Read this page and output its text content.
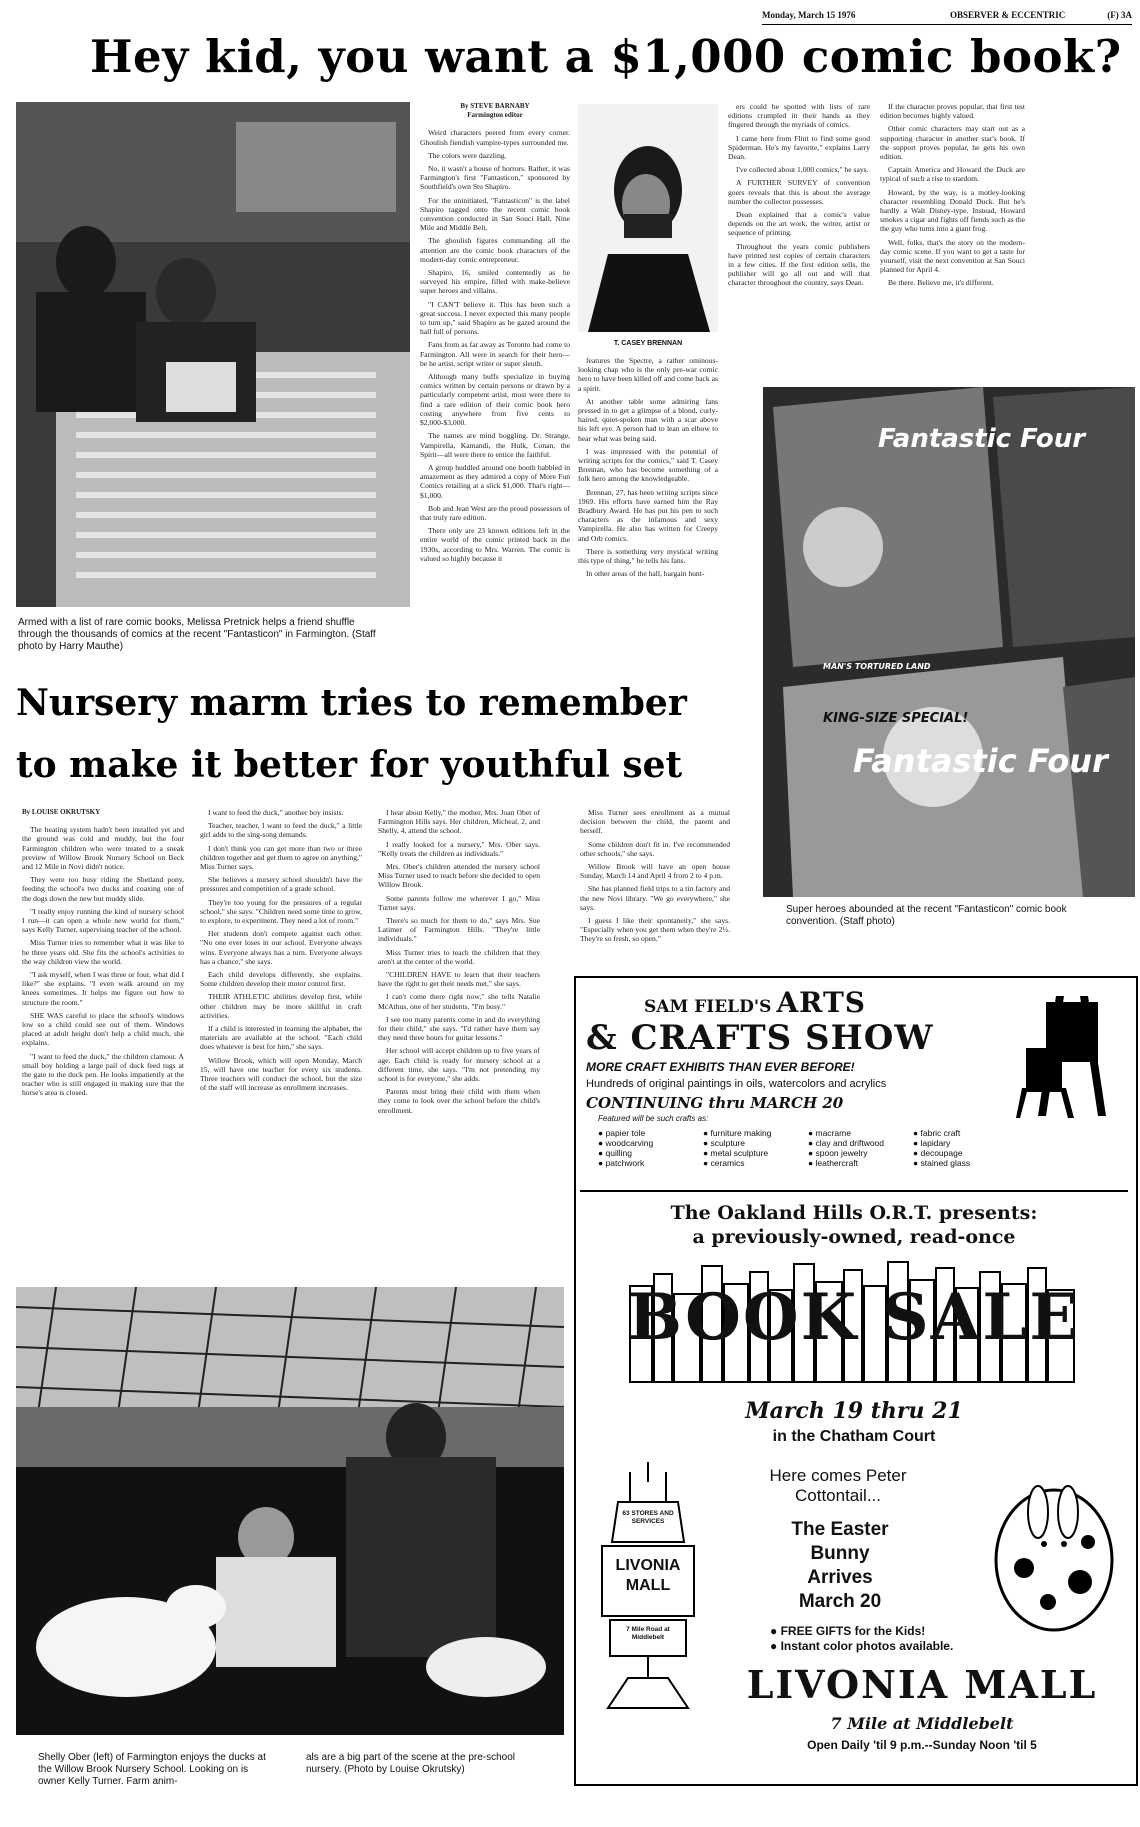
Monday, March 15 1976	OBSERVER & ECCENTRIC	(F) 3A
Hey kid, you want a $1,000 comic book?
Armed with a list of rare comic books, Melissa Pretnick helps a friend shuffle through the thousands of comics at the recent "Fantasticon" in Farmington. (Staff photo by Harry Mauthe)
By STEVE BARNABY
Farmington editor

Weird characters peered from every corner. Ghoulish fiendish vampire-types surrounded me.

The colors were dazzling.

No, it wasn't a house of horrors. Rather, it was Farmington's first "Fantasticon," sponsored by Southfield's own Stu Shapiro.

For the uninitiated, "Fantasticon" is the label Shapiro tagged onto the recent comic book convention conducted in San Souci Hall, Nine Mile and Middle Belt.

The ghoulish figures commanding all the attention are the comic book characters of the modern-day comic entrepreneur.

Shapiro, 16, smiled contentedly as he surveyed his empire, filled with make-believe super heroes and villains.

"I CAN'T believe it. This has been such a great success. I never expected this many people to turn up," said Shapiro as he gazed around the hall full of persons.

Fans from as far away as Toronto had come to Farmington. All were in search for their hero—be he artist, script writer or super sleuth.

Although many buffs specialize in buying comics written by certain persons or drawn by a particularly competent artist, most were there to find a rare edition of their comic book hero costing anywhere from five cents to $2,000-$3,000.

The names are mind boggling. Dr. Strange, Vampirella, Kamandi, the Hulk, Conan, the Spirit—all were there to entice the faithful.

A group huddled around one booth babbled in amazement as they admired a copy of More Fun Comics retailing at a slick $1,000. That's right—$1,000.

Bob and Jean West are the proud possessors of that truly rare edition.

There only are 23 known editions left in the entire world of the comic printed back in the 1930s, according to Mrs. Warren. The comic is valued so highly because it

T. CASEY BRENNAN

features the Spectre, a rather ominous-looking chap who is the only pre-war comic hero to have been killed off and come back as a spirit.

At another table some admiring fans pressed in to get a glimpse of a blond, curly-haired, quiet-spoken man with a scar above his left eye. A person had to lean an elbow to hear what was being said.

I was impressed with the potential of writing scripts for the comics," said T. Casey Brennan, who has become something of a folk hero among the knowledgeable.

Brennan, 27, has been writing scripts since 1969. His efforts have earned him the Ray Bradbury Award. He has put his pen to such characters as the infamous and sexy Vampirella. He also has written for Creepy and Orb comics.

There is something very mystical writing this type of thing," he tells his fans.

In other areas of the hall, bargain hunt-

ers could be spotted with lists of rare editions crumpled in their hands as they fingered through the myriads of comics.

I came here from Flint to find some good Spiderman. He's my favorite," explains Larry Dean.

I've collected about 1,000 comics," he says.

A FURTHER SURVEY of convention goers reveals that this is about the average number the collector possesses.

Dean explained that a comic's value depends on the art work, the writer, artist or sequence of printing.

Throughout the years comic publishers have printed test copies of certain characters in a few cities. If the first edition sells, the publisher will go all out and will that character throughout the country, says Dean.

If the character proves popular, that first test edition becomes highly valued.

Other comic characters may start out as a supporting character in another star's book. If the support proves popular, he gets his own edition.

Captain America and Howard the Duck are typical of such a rise to stardom.

Howard, by the way, is a motley-looking character resembling Donald Duck. But he's hardly a Walt Disney-type. Instead, Howard smokes a cigar and fights off fiends such as the the guy who turns into a giant frog.

Well, folks, that's the story on the modern-day comic scene. If you want to get a taste for yourself, visit the next convention at San Souci planned for April 4.

Be there. Believe me, it's different.

Fantastic Four
KING-SIZE SPECIAL!
Fantastic Four
MAN'S TORTURED LAND
Super heroes abounded at the recent "Fantasticon" comic book convention. (Staff photo)
Nursery marm tries to remember
to make it better for youthful set
By LOUISE OKRUTSKY

The heating system hadn't been installed yet and the ground was cold and muddy, but the four Farmington children who were treated to a sneak preview of Willow Brook Nursery School on Beck and 12 Mile in Novi didn't notice.

They were too busy riding the Shetland pony, feeding the school's two ducks and coaxing one of the dogs down the new but muddy slide.

"I really enjoy running the kind of nursery school I run—it can open a whole new world for them," says Kelly Turner, supervising teacher of the school.

Miss Turner tries to remember what it was like to be three years old. She fits the school's activities to the way children view the world.

"I ask myself, when I was three or four, what did I like?" she explains. "I even walk around on my knees sometimes. It helps me figure out how to structure the room."

SHE WAS careful to place the school's windows low so a child could see out of them. Windows placed at adult height don't help a child much, she explains.

"I want to feed the duck," the children clamour. A small boy holding a large pail of duck feed tugs at the gate to the duck pen. He looks impatiently at the teacher who is still engaged in making sure that the horse's area is closed.

I want to feed the duck," another boy insists.

Teacher, teacher, I want to feed the duck," a little girl adds to the sing-song demands.

I don't think you can get more than two or three children together and get them to agree on anything," Miss Turner says.

She believes a nursery school shouldn't have the pressures and competition of a grade school.

They're too young for the pressures of a regular school," she says. "Children need some time to grow, to explore, to experiment. They need a lot of room."

Her students don't compete against each other. "No one ever loses in our school. Everyone always wins. Everyone always has a turn. Everyone always has a chance," she says.

Each child develops differently, she explains. Some children develop their motor control first.

THEIR ATHLETIC abilities develop first, while other children may be more skillful in craft activities.

If a child is interested in learning the alphabet, the materials are available at the school. "Each child does whatever is best for him," she says.

Willow Brook, which will open Monday, March 15, will have one teacher for every six students. Three teachers will conduct the school, but the size of the staff will increase as enrollment increases.

I hear about Kelly," the mother, Mrs. Joan Ober of Farmington Hills says. Her children, Micheal, 2, and Shelly, 4, attend the school.

I really looked for a nursery," Mrs. Ober says. "Kelly treats the children as individuals."

Mrs. Ober's children attended the nursery school Miss Turner used to teach before she decided to open Willow Brook.

Some parents follow me wherever I go," Miss Turner says.

There's so much for them to do," says Mrs. Sue Latimer of Farmington Hills. "They're little individuals."

Miss Turner tries to teach the children that they aren't at the center of the world.

"CHILDREN HAVE to learn that their teachers have the right to get their needs met," she says.

I can't come there right now," she tells Natalie McAthus, one of her students. "I'm busy."

I see too many parents come in and do everything for their child," she says. "I'd rather have them say they need three hours for guitar lessons."

Her school will accept children up to five years of age. Each child is ready for nursery school at a different time, she says. "I'm not pretending my school is for everyone," she adds.

Parents must bring their child with them when they come to look over the school before the child's enrollment.

Miss Turner sees enrollment as a mutual decision between the child, the parent and herself.

Some children don't fit in. I've recommended other schools," she says.

Willow Brook will have an open house Sunday, March 14 and April 4 from 2 to 4 p.m.

She has planned field trips to a tin factory and the new Novi library. "We go everywhere," she says.

I guess I like their spontaneity," she says. "Especially when you get them when they're 2½. They're so fresh, so open."

Shelly Ober (left) of Farmington enjoys the ducks at the Willow Brook Nursery School. Looking on is owner Kelly Turner. Farm anim-
als are a big part of the scene at the pre-school nursery. (Photo by Louise Okrutsky)
SAM FIELD'S ARTS
& CRAFTS SHOW
MORE CRAFT EXHIBITS THAN EVER BEFORE!
Hundreds of original paintings in oils, watercolors and acrylics
CONTINUING thru MARCH 20
Featured will be such crafts as:
● papier tole
● woodcarving
● quilling
● patchwork
● furniture making
● sculpture
● metal sculpture
● ceramics
● macrame
● clay and driftwood
● spoon jewelry
● leathercraft
● fabric craft
● lapidary
● decoupage
● stained glass
The Oakland Hills O.R.T. presents:
a previously-owned, read-once
BOOK SALE
March 19 thru 21
in the Chatham Court
63 STORES AND SERVICES
LIVONIA MALL
7 Mile Road at Middlebelt
Here comes Peter Cottontail...
The Easter
Bunny
Arrives
March 20
● FREE GIFTS for the Kids!
● Instant color photos available.
LIVONIA MALL
7 Mile at Middlebelt
Open Daily 'til 9 p.m.--Sunday Noon 'til 5
